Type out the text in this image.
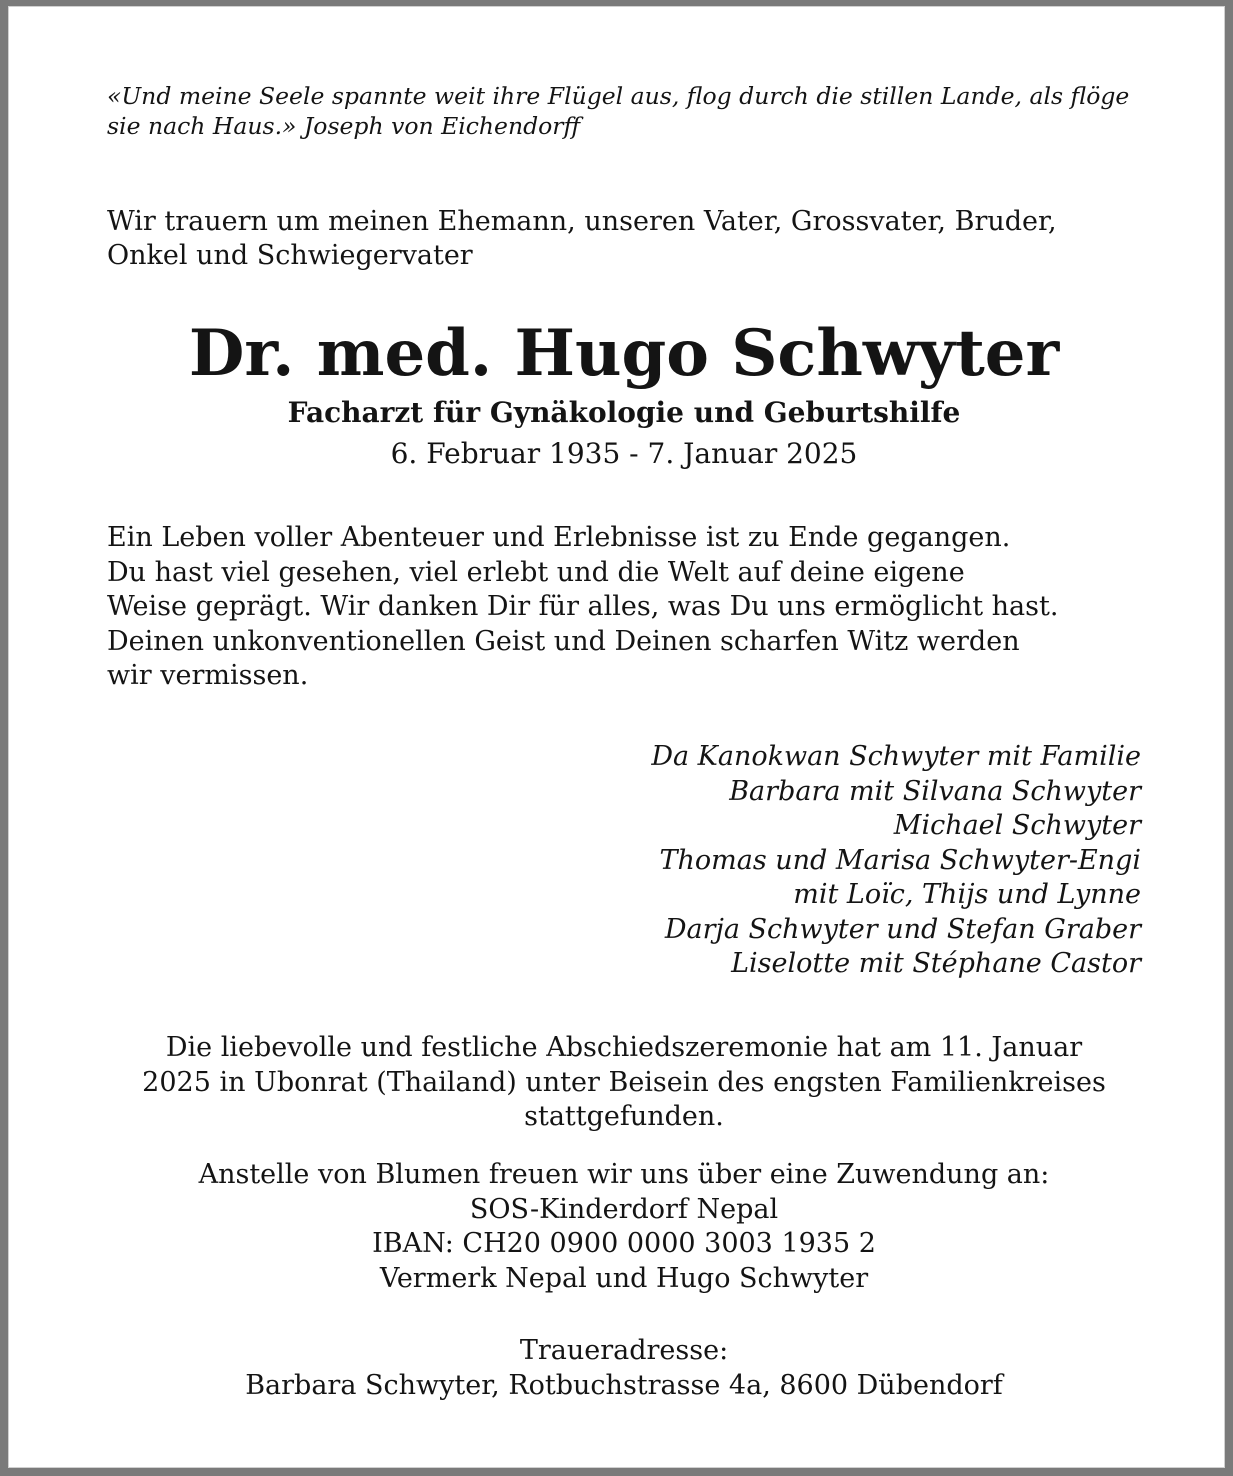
«Und meine Seele spannte weit ihre Flügel aus, flog durch die stillen Lande, als flöge
sie nach Haus.» Joseph von Eichendorff

Wir trauern um meinen Ehemann, unseren Vater, Grossvater, Bruder,
Onkel und Schwiegervater

Dr. med. Hugo Schwyter

Facharzt für Gynäkologie und Geburtshilfe

6. Februar 1935 - 7. Januar 2025

Ein Leben voller Abenteuer und Erlebnisse ist zu Ende gegangen.
Du hast viel gesehen, viel erlebt und die Welt auf deine eigene
Weise geprägt. Wir danken Dir für alles, was Du uns ermöglicht hast.
Deinen unkonventionellen Geist und Deinen scharfen Witz werden
wir vermissen.

Da Kanokwan Schwyter mit Familie
Barbara mit Silvana Schwyter
Michael Schwyter
Thomas und Marisa Schwyter-Engi
mit Loïc, Thijs und Lynne
Darja Schwyter und Stefan Graber
Liselotte mit Stéphane Castor

Die liebevolle und festliche Abschiedszeremonie hat am 11. Januar
2025 in Ubonrat (Thailand) unter Beisein des engsten Familienkreises
stattgefunden.

Anstelle von Blumen freuen wir uns über eine Zuwendung an:
SOS-Kinderdorf Nepal
IBAN: CH20 0900 0000 3003 1935 2
Vermerk Nepal und Hugo Schwyter

Traueradresse:
Barbara Schwyter, Rotbuchstrasse 4a, 8600 Dübendorf
